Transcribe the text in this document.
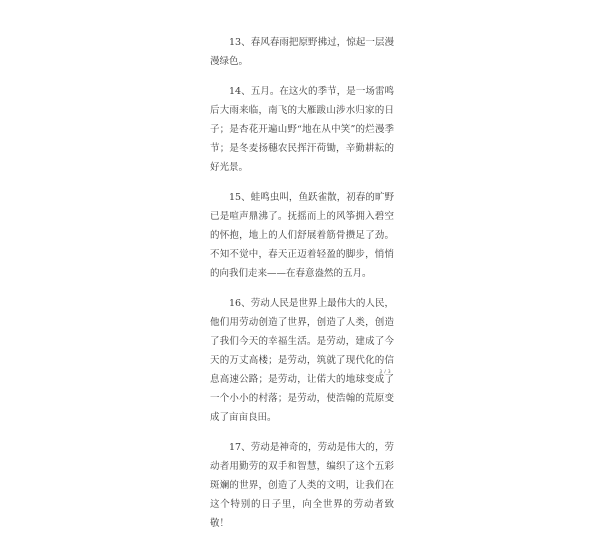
13、春风春雨把原野拂过，惊起一层漫漫绿色。

14、五月。在这火的季节，是一场雷鸣后大雨来临，南飞的大雁跋山涉水归家的日子；是杏花开遍山野“地在从中笑”的烂漫季节；是冬麦扬穗农民挥汗荷锄，辛勤耕耘的好光景。

15、蛙鸣虫叫，鱼跃雀散，初春的旷野已是喧声鼎沸了。抚摇而上的风筝拥入碧空的怀抱，地上的人们舒展着筋骨攒足了劲。不知不觉中，春天正迈着轻盈的脚步，悄悄的向我们走来——在春意盎然的五月。

16、劳动人民是世界上最伟大的人民，他们用劳动创造了世界，创造了人类，创造了我们今天的幸福生活。是劳动，建成了今天的万丈高楼；是劳动，筑就了现代化的信息高速公路；是劳动，让偌大的地球变成了一个小小的村落；是劳动，使浩翰的荒原变成了亩亩良田。

17、劳动是神奇的，劳动是伟大的，劳动者用勤劳的双手和智慧，编织了这个五彩斑斓的世界，创造了人类的文明，让我们在这个特别的日子里，向全世界的劳动者致敬！

3 / 3
